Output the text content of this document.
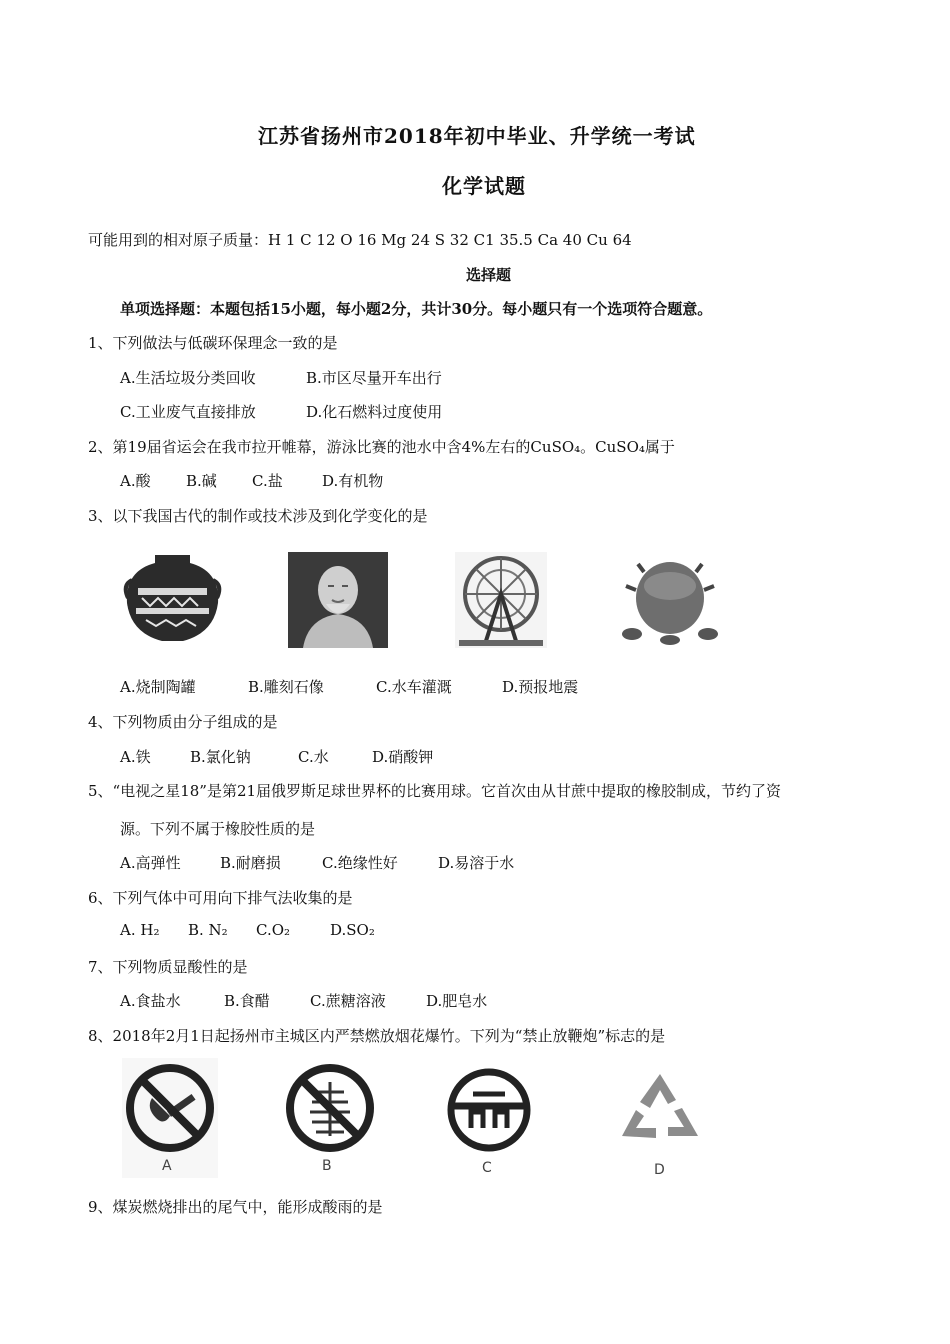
江苏省扬州市2018年初中毕业、升学统一考试
化学试题
可能用到的相对原子质量：H 1 C 12 O 16 Mg 24 S 32 C1 35.5 Ca 40 Cu 64
选择题
单项选择题：本题包括15小题，每小题2分，共计30分。每小题只有一个选项符合题意。
1、下列做法与低碳环保理念一致的是
A.生活垃圾分类回收	B.市区尽量开车出行
C.工业废气直接排放	D.化石燃料过度使用
2、第19届省运会在我市拉开帷幕，游泳比赛的池水中含4%左右的CuSO₄。CuSO₄属于
A.酸 B.碱 C.盐	D.有机物
3、以下我国古代的制作或技术涉及到化学变化的是
A.烧制陶罐	B.雕刻石像	C.水车灌溉	D.预报地震
4、下列物质由分子组成的是
A.铁	B.氯化钠	C.水	D.硝酸钾
5、“电视之星18”是第21届俄罗斯足球世界杯的比赛用球。它首次由从甘蔗中提取的橡胶制成，节约了资
源。下列不属于橡胶性质的是
A.高弹性	B.耐磨损	C.绝缘性好	D.易溶于水
6、下列气体中可用向下排气法收集的是
A. H₂ B. N₂ C.O₂	D.SO₂
7、下列物质显酸性的是
A.食盐水	B.食醋	C.蔗糖溶液	D.肥皂水
8、2018年2月1日起扬州市主城区内严禁燃放烟花爆竹。下列为“禁止放鞭炮”标志的是
A	B	C	D
9、煤炭燃烧排出的尾气中，能形成酸雨的是
